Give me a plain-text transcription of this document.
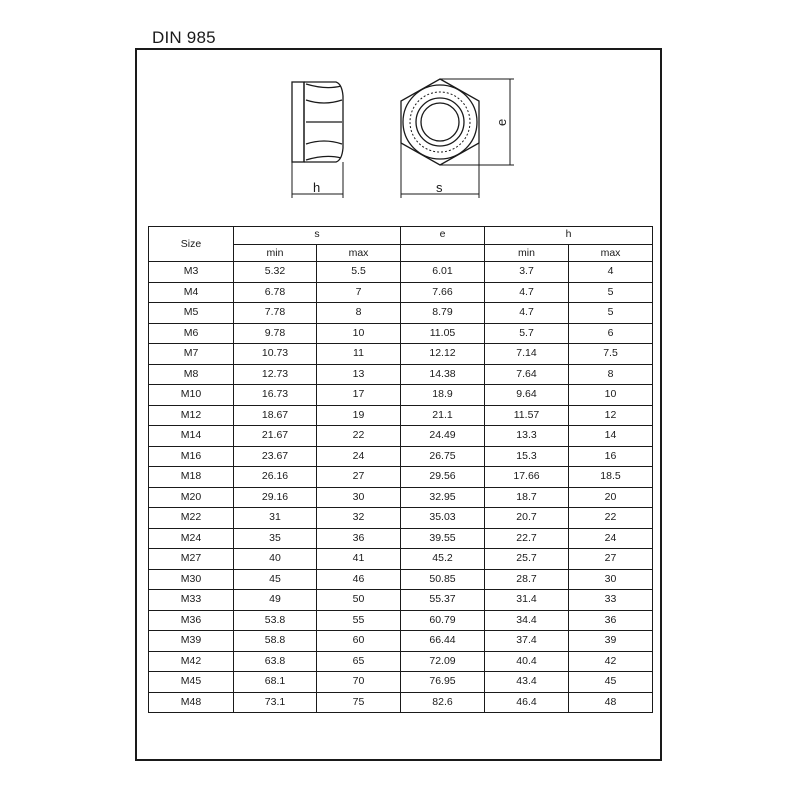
DIN 985
h	s
e
Size	s		e	h	
	min	max		min	max
M3	5.32	5.5	6.01	3.7	4
M4	6.78	7	7.66	4.7	5
M5	7.78	8	8.79	4.7	5
M6	9.78	10	11.05	5.7	6
M7	10.73	11	12.12	7.14	7.5
M8	12.73	13	14.38	7.64	8
M10	16.73	17	18.9	9.64	10
M12	18.67	19	21.1	11.57	12
M14	21.67	22	24.49	13.3	14
M16	23.67	24	26.75	15.3	16
M18	26.16	27	29.56	17.66	18.5
M20	29.16	30	32.95	18.7	20
M22	31	32	35.03	20.7	22
M24	35	36	39.55	22.7	24
M27	40	41	45.2	25.7	27
M30	45	46	50.85	28.7	30
M33	49	50	55.37	31.4	33
M36	53.8	55	60.79	34.4	36
M39	58.8	60	66.44	37.4	39
M42	63.8	65	72.09	40.4	42
M45	68.1	70	76.95	43.4	45
M48	73.1	75	82.6	46.4	48
